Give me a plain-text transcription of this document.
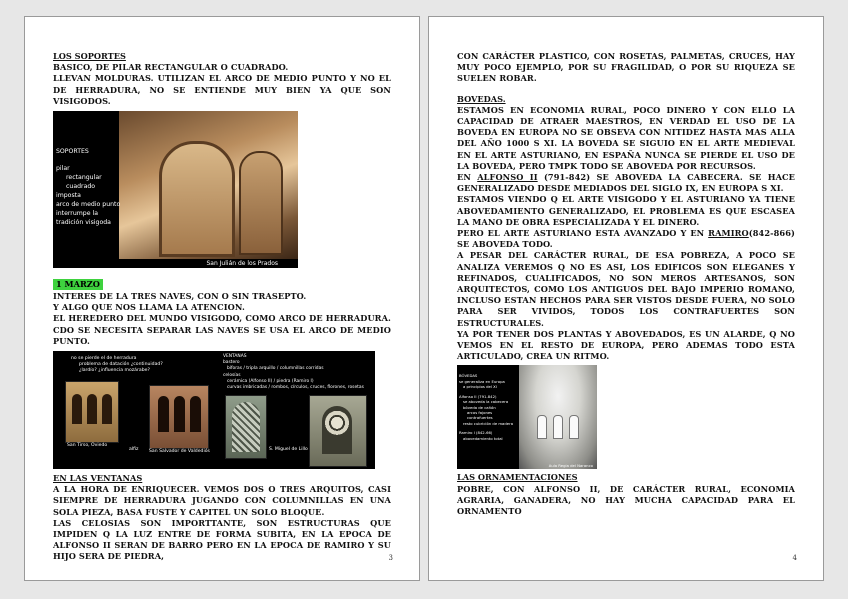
LOS SOPORTES

BASICO, DE PILAR RECTANGULAR O CUADRADO.

LLEVAN MOLDURAS. UTILIZAN EL ARCO DE MEDIO PUNTO Y NO EL DE HERRADURA, NO SE ENTIENDE MUY BIEN YA QUE SON VISIGODOS.

SOPORTES
pilar
rectangular
cuadrado
imposta
arco de medio punto
interrumpe la
tradición visigoda
San Julián de los Prados
1 MARZO

INTERES DE LA TRES NAVES, CON O SIN TRASEPTO.

Y ALGO QUE NOS LLAMA LA ATENCION.

EL HEREDERO DEL MUNDO VISIGODO, COMO ARCO DE HERRADURA. CDO SE NECESITA SEPARAR LAS NAVES SE USA EL ARCO DE MEDIO PUNTO.

no se pierde el de herradura
problema de datación ¿continuidad?
¿lardío? ¿influencia mozárabe?
VENTANAS
bastero
bíforas / tripla arquillo / columnillas corridas
celosías
cerámica (Alfonso II) / piedra (Ramiro I)
curvas imbricadas / rombos, círculos, cruces, florones, rosetas
San Tirso, Oviedo
alfiz San Salvador de Valdediós	S. Miguel de Lillo

EN LAS VENTANAS

A LA HORA DE ENRIQUECER. VEMOS DOS O TRES ARQUITOS, CASI SIEMPRE DE HERRADURA JUGANDO CON COLUMNILLAS EN UNA SOLA PIEZA, BASA FUSTE Y CAPITEL UN SOLO BLOQUE.

LAS CELOSIAS SON IMPORTTANTE, SON ESTRUCTURAS QUE IMPIDEN Q LA LUZ ENTRE DE FORMA SUBITA, EN LA EPOCA DE ALFONSO II SERAN DE BARRO PERO EN LA EPOCA DE RAMIRO Y SU HIJO SERA DE PIEDRA,	3

CON CARÁCTER PLASTICO, CON ROSETAS, PALMETAS, CRUCES, HAY MUY POCO EJEMPLO, POR SU FRAGILIDAD, O POR SU RIQUEZA SE SUELEN ROBAR.

BOVEDAS.

ESTAMOS EN ECONOMIA RURAL, POCO DINERO Y CON ELLO LA CAPACIDAD DE ATRAER MAESTROS, EN VERDAD EL USO DE LA BOVEDA EN EUROPA NO SE OBSEVA CON NITIDEZ HASTA MAS ALLA DEL AÑO 1000 S XI. LA BOVEDA SE SIGUIO EN EL ARTE MEDIEVAL EN EL ARTE ASTURIANO, EN ESPAÑA NUNCA SE PIERDE EL USO DE LA BOVEDA, PERO TMPK TODO SE ABOVEDA POR RECURSOS.

EN ALFONSO II (791-842) SE ABOVEDA LA CABECERA. SE HACE GENERALIZADO DESDE MEDIADOS DEL SIGLO IX, EN EUROPA S XI.

ESTAMOS VIENDO Q EL ARTE VISIGODO Y EL ASTURIANO YA TIENE ABOVEDAMIENTO GENERALIZADO, EL PROBLEMA ES QUE ESCASEA LA MANO DE OBRA ESPECIALIZADA Y EL DINERO.

PERO EL ARTE ASTURIANO ESTA AVANZADO Y EN RAMIRO(842-866) SE ABOVEDA TODO.

A PESAR DEL CARÁCTER RURAL, DE ESA POBREZA, A POCO SE ANALIZA VEREMOS Q NO ES ASI, LOS EDIFICOS SON ELEGANES Y REFINADOS, CUALIFICADOS, NO SON MEROS ARTESANOS, SON ARQUITECTOS, COMO LOS ANTIGUOS DEL BAJO IMPERIO ROMANO, INCLUSO ESTAN HECHOS PARA SER VISTOS DESDE FUERA, NO SOLO PARA SER VIVIDOS, TODOS LOS CONTRAFUERTES SON ESTRUCTURALES.

YA POR TENER DOS PLANTAS Y ABOVEDADOS, ES UN ALARDE, Q NO VEMOS EN EL RESTO DE EUROPA, PERO ADEMAS TODO ESTA ARTICULADO, CREA UN RITMO.

BÓVEDAS
se generaliza en Europa
a principios del XI
Alfonso II (791-842)
se aboveda la cabecera
bóveda de cañón
arcos fajones
contrafuertes
resto cubrición de madera
Ramiro I (842-66)
abovedamiento total
Aula Regia del Naranco

LAS ORNAMENTACIONES

POBRE, CON ALFONSO II, DE CARÁCTER RURAL, ECONOMIA AGRARIA, GANADERA, NO HAY MUCHA CAPACIDAD PARA EL ORNAMENTO

4
